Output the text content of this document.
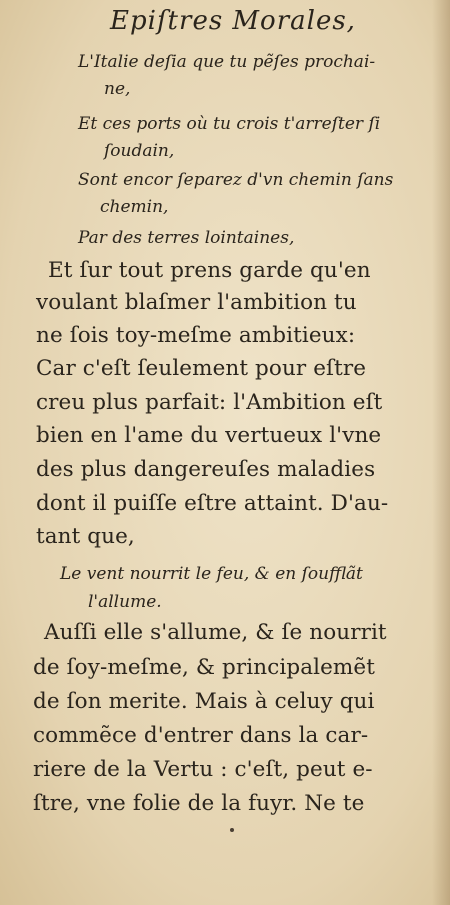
Epiſtres Morales,
L'Italie deſia que tu pẽſes prochai-
ne,
Et ces ports où tu crois t'arreſter ſi
ſoudain,
Sont encor ſeparez d'vn chemin ſans
chemin,
Par des terres lointaines,
Et ſur tout prens garde qu'en
voulant blaſmer l'ambition tu
ne ſois toy-meſme ambitieux:
Car c'eſt ſeulement pour eſtre
creu plus parfait: l'Ambition eſt
bien en l'ame du vertueux l'vne
des plus dangereuſes maladies
dont il puiſſe eſtre attaint. D'au-
tant que,
Le vent nourrit le feu, & en ſoufflãt
l'allume.
Auſſi elle s'allume, & ſe nourrit
de ſoy-meſme, & principalemẽt
de ſon merite. Mais à celuy qui
commẽce d'entrer dans la car-
riere de la Vertu : c'eſt, peut e-
ſtre, vne folie de la fuyr. Ne te
